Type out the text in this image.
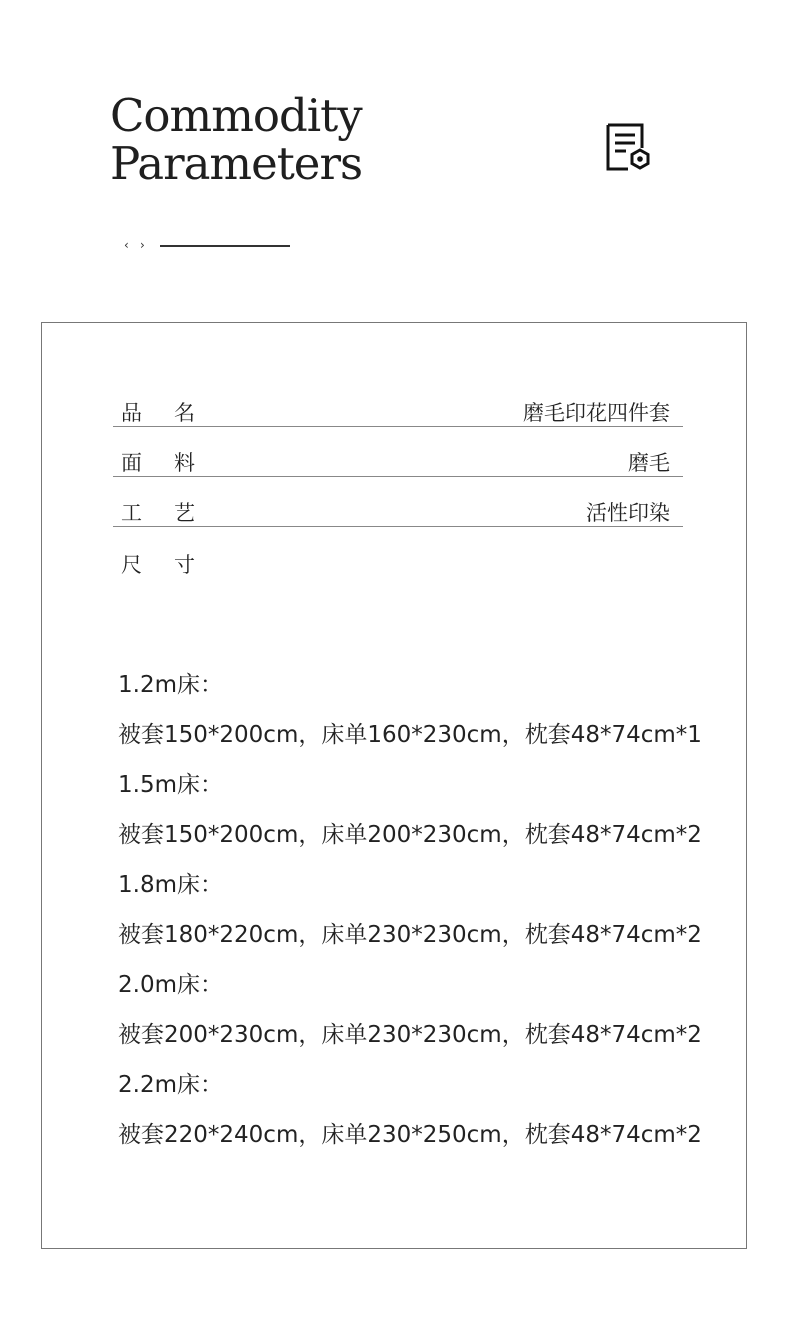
Commodity
Parameters
‹ ›
品名	磨毛印花四件套
面料	磨毛
工艺	活性印染
尺寸
1.2m床：
被套150*200cm，床单160*230cm，枕套48*74cm*1
1.5m床：
被套150*200cm，床单200*230cm，枕套48*74cm*2
1.8m床：
被套180*220cm，床单230*230cm，枕套48*74cm*2
2.0m床：
被套200*230cm，床单230*230cm，枕套48*74cm*2
2.2m床：
被套220*240cm，床单230*250cm，枕套48*74cm*2
